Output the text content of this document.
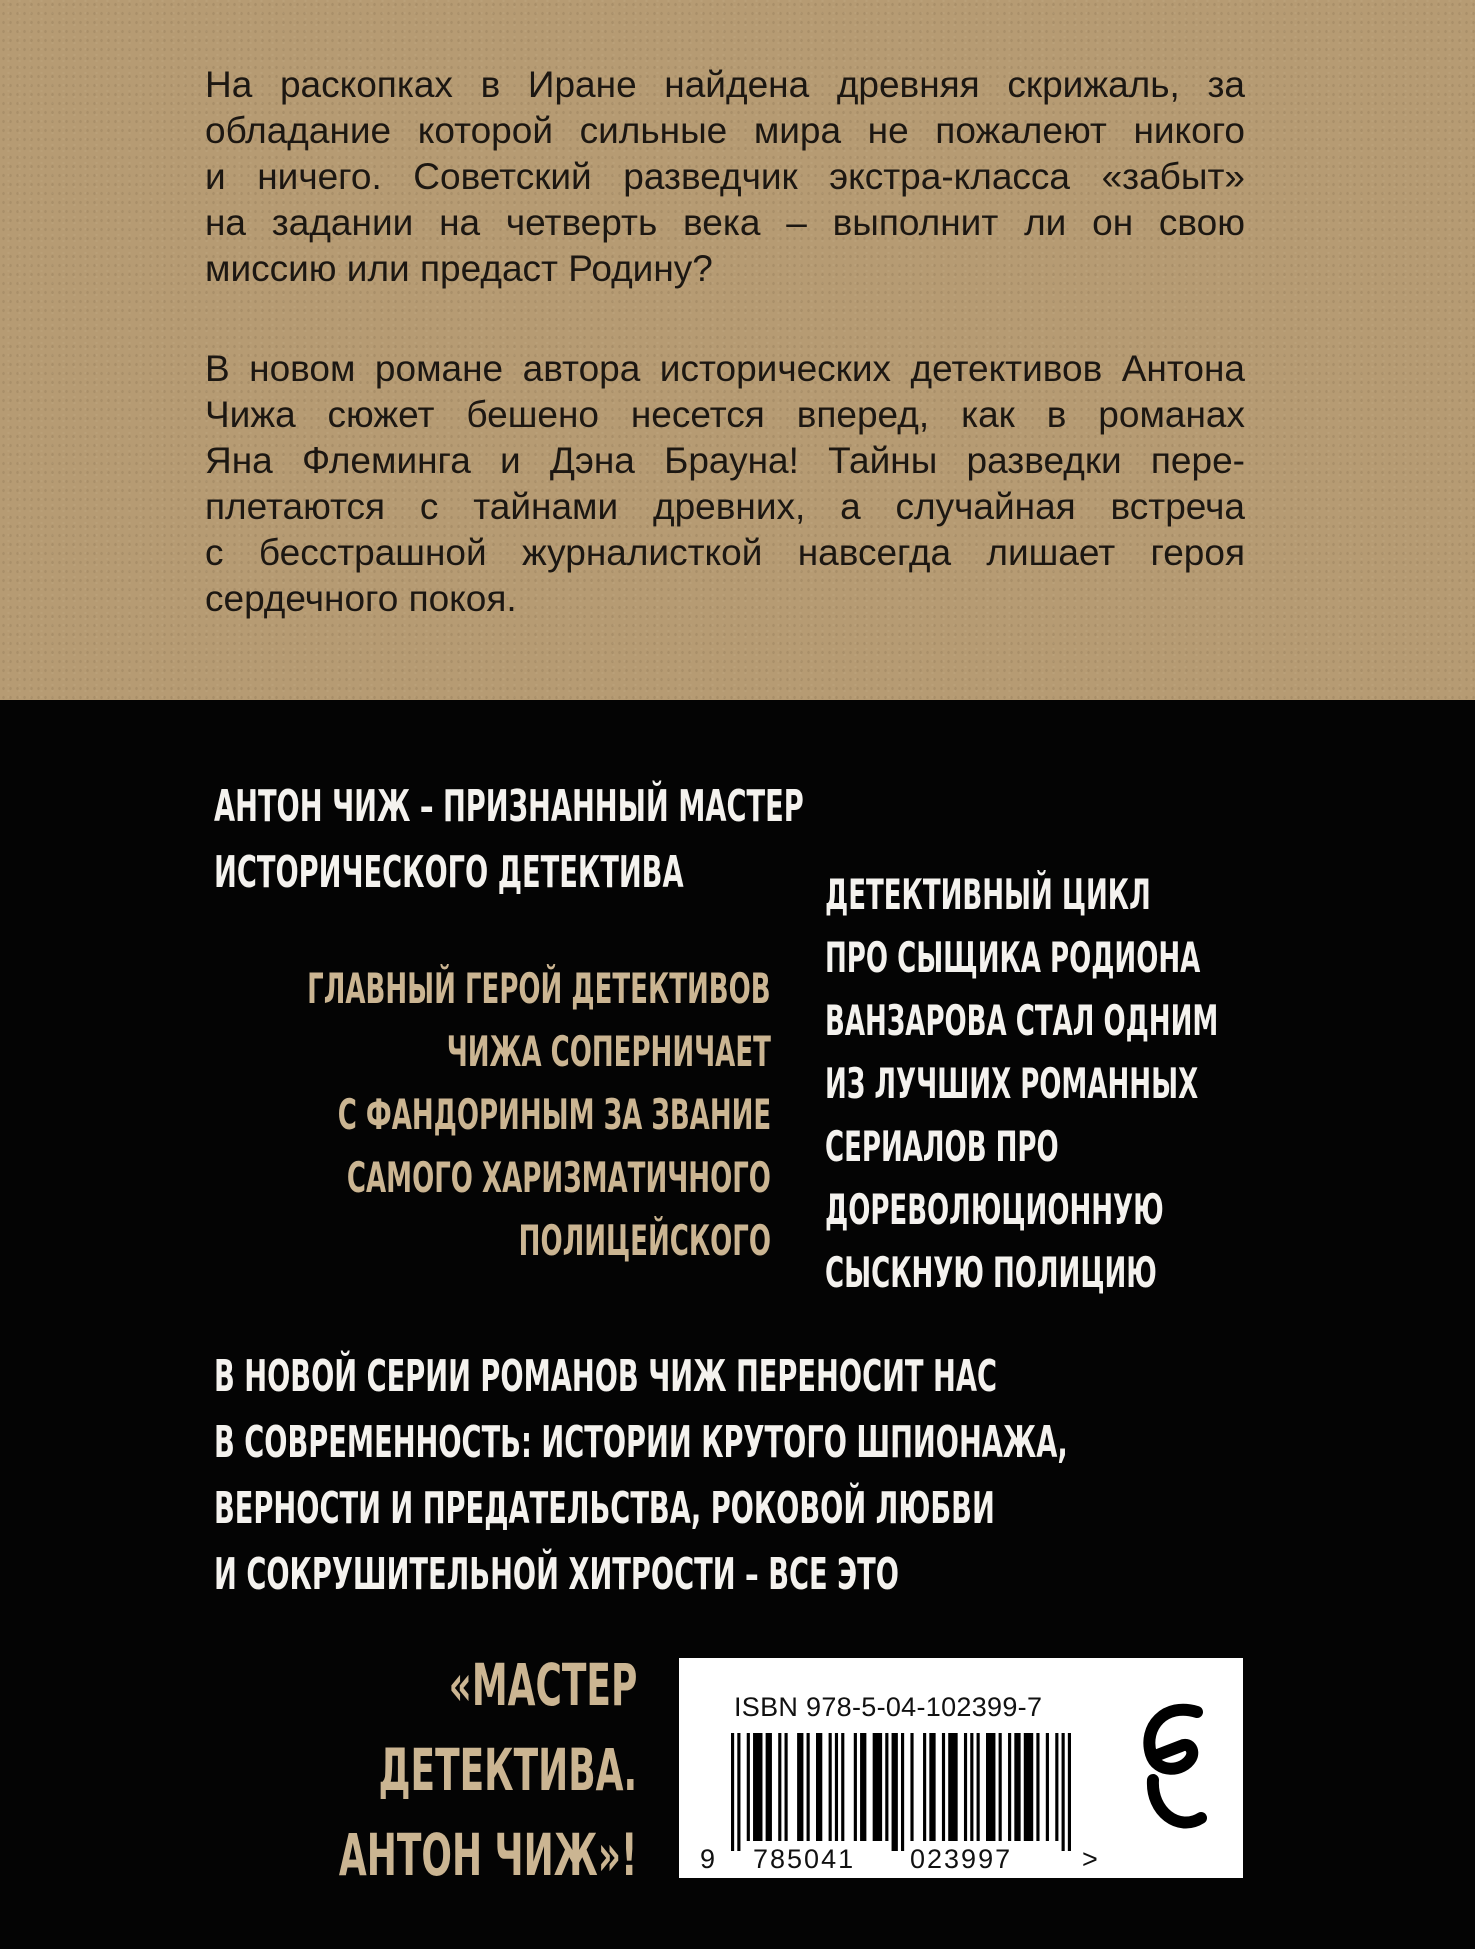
На раскопках в Иране найдена древняя скрижаль, за
обладание которой сильные мира не пожалеют никого
и ничего. Советский разведчик экстра-класса «забыт»
на задании на четверть века – выполнит ли он свою
миссию или предаст Родину?
В новом романе автора исторических детективов Антона
Чижа сюжет бешено несется вперед, как в романах
Яна Флеминга и Дэна Брауна! Тайны разведки пере-
плетаются с тайнами древних, а случайная встреча
с бесстрашной журналисткой навсегда лишает героя
сердечного покоя.
АНТОН ЧИЖ – ПРИЗНАННЫЙ МАСТЕР
ИСТОРИЧЕСКОГО ДЕТЕКТИВА
ГЛАВНЫЙ ГЕРОЙ ДЕТЕКТИВОВ
ЧИЖА СОПЕРНИЧАЕТ
С ФАНДОРИНЫМ ЗА ЗВАНИЕ
САМОГО ХАРИЗМАТИЧНОГО
ПОЛИЦЕЙСКОГО
ДЕТЕКТИВНЫЙ ЦИКЛ
ПРО СЫЩИКА РОДИОНА
ВАНЗАРОВА СТАЛ ОДНИМ
ИЗ ЛУЧШИХ РОМАННЫХ
СЕРИАЛОВ ПРО
ДОРЕВОЛЮЦИОННУЮ
СЫСКНУЮ ПОЛИЦИЮ
В НОВОЙ СЕРИИ РОМАНОВ ЧИЖ ПЕРЕНОСИТ НАС
В СОВРЕМЕННОСТЬ: ИСТОРИИ КРУТОГО ШПИОНАЖА,
ВЕРНОСТИ И ПРЕДАТЕЛЬСТВА, РОКОВОЙ ЛЮБВИ
И СОКРУШИТЕЛЬНОЙ ХИТРОСТИ – ВСЕ ЭТО
«МАСТЕР
ДЕТЕКТИВА.
АНТОН ЧИЖ»!
ISBN 978-5-04-102399-7
9 785041 023997	>
